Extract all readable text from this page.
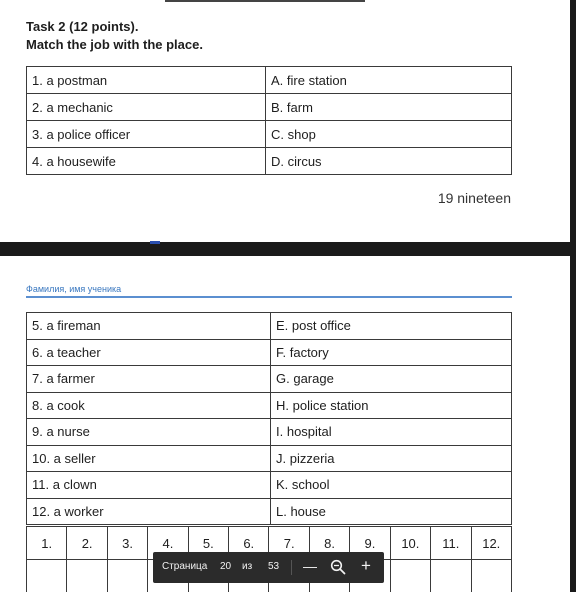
Task 2 (12 points).
Match the job with the place.
1. a postman	A. fire station
2. a mechanic	B. farm
3. a police officer	C. shop
4. a housewife	D. circus
19 nineteen
Фамилия, имя ученика
5. a fireman	E. post office
6. a teacher	F. factory
7. a farmer	G. garage
8. a cook	H. police station
9. a nurse	I. hospital
10. a seller	J. pizzeria
11. a clown	K. school
12. a worker	L. house
1.	2.	3.	4.	5.	6.	7.	8.	9.	10.	11.	12.

Страница 20 из 53 —	+
